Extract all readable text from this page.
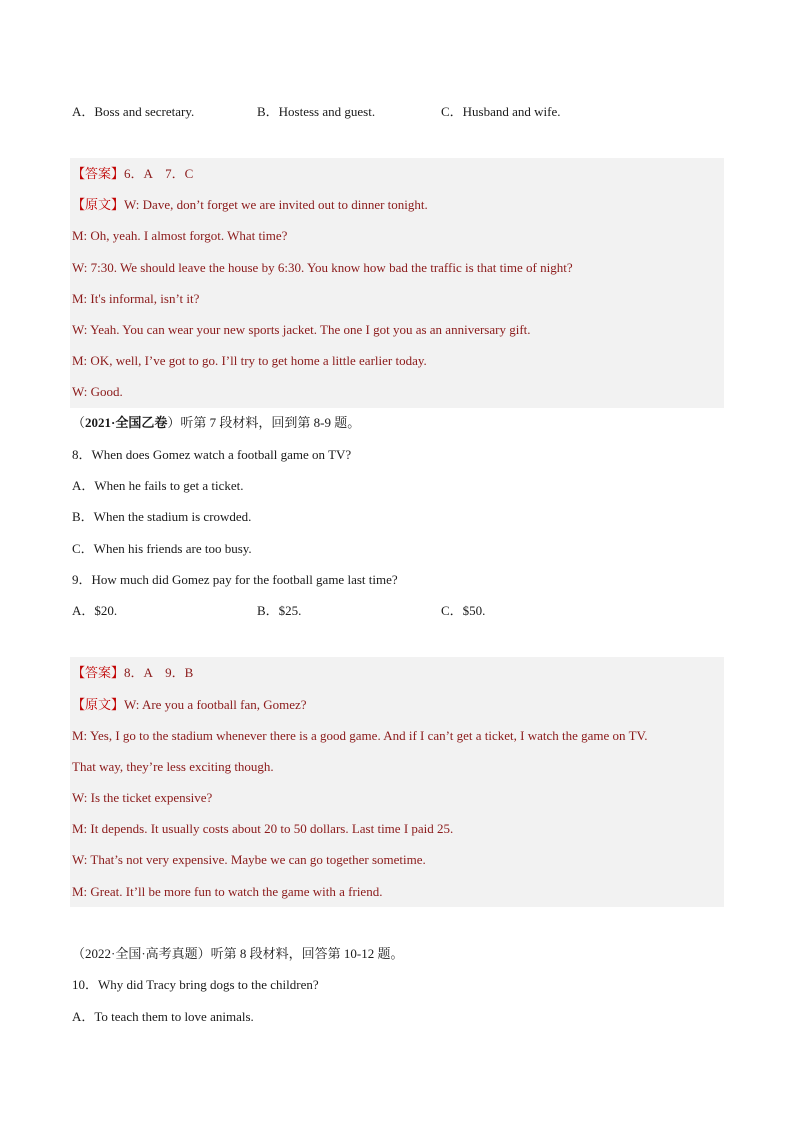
A．Boss and secretary.	B．Hostess and guest.	C．Husband and wife.
【答案】6．A　7．C
【原文】W: Dave, don’t forget we are invited out to dinner tonight.
M: Oh, yeah. I almost forgot. What time?
W: 7:30. We should leave the house by 6:30. You know how bad the traffic is that time of night?
M: It's informal, isn’t it?
W: Yeah. You can wear your new sports jacket. The one I got you as an anniversary gift.
M: OK, well, I’ve got to go. I’ll try to get home a little earlier today.
W: Good.
（2021·全国乙卷）听第 7 段材料，回到第 8-9 题。
8．When does Gomez watch a football game on TV?
A．When he fails to get a ticket.
B．When the stadium is crowded.
C．When his friends are too busy.
9．How much did Gomez pay for the football game last time?
A．$20.	B．$25.	C．$50.
【答案】8．A　9．B
【原文】W: Are you a football fan, Gomez?
M: Yes, I go to the stadium whenever there is a good game. And if I can’t get a ticket, I watch the game on TV.
That way, they’re less exciting though.
W: Is the ticket expensive?
M: It depends. It usually costs about 20 to 50 dollars. Last time I paid 25.
W: That’s not very expensive. Maybe we can go together sometime.
M: Great. It’ll be more fun to watch the game with a friend.
（2022·全国·高考真题）听第 8 段材料，回答第 10-12 题。
10．Why did Tracy bring dogs to the children?
A．To teach them to love animals.
